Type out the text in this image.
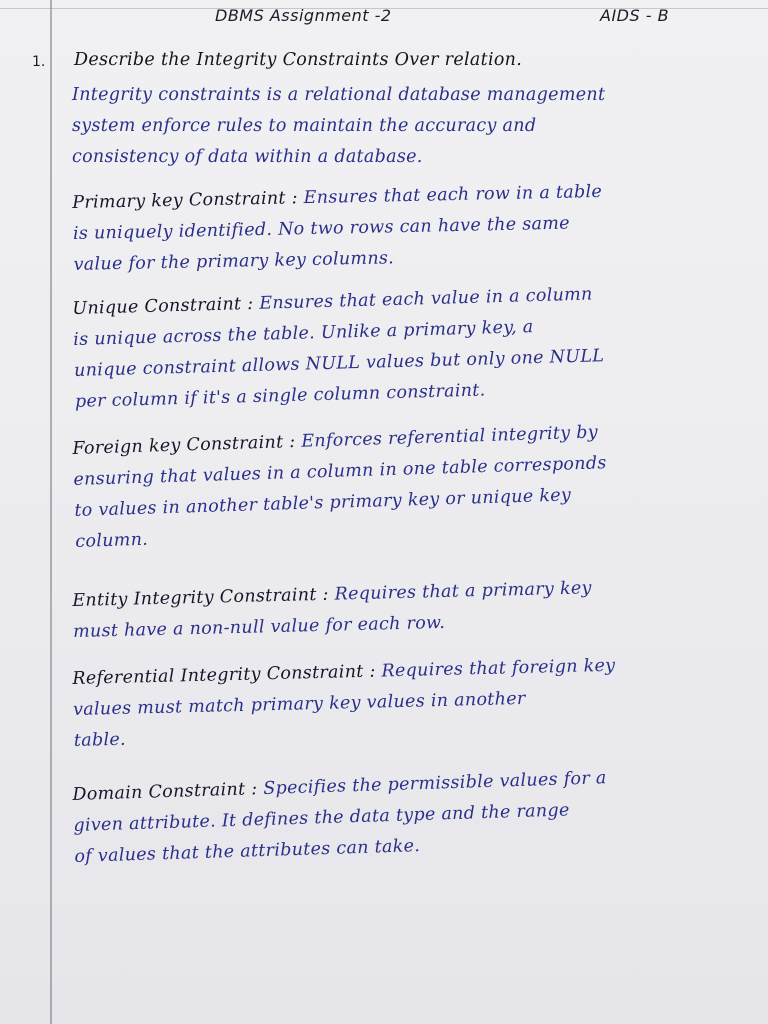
DBMS Assignment -2	AIDS - B
1. Describe the Integrity Constraints Over relation.
Integrity constraints is a relational database management
system enforce rules to maintain the accuracy and
consistency of data within a database.
Primary key Constraint : Ensures that each row in a table
is uniquely identified. No two rows can have the same
value for the primary key columns.
Unique Constraint : Ensures that each value in a column
is unique across the table. Unlike a primary key, a
unique constraint allows NULL values but only one NULL
per column if it's a single column constraint.
Foreign key Constraint : Enforces referential integrity by
ensuring that values in a column in one table corresponds
to values in another table's primary key or unique key
column.
Entity Integrity Constraint : Requires that a primary key
must have a non-null value for each row.
Referential Integrity Constraint : Requires that foreign key
values must match primary key values in another
table.
Domain Constraint : Specifies the permissible values for a
given attribute. It defines the data type and the range
of values that the attributes can take.
